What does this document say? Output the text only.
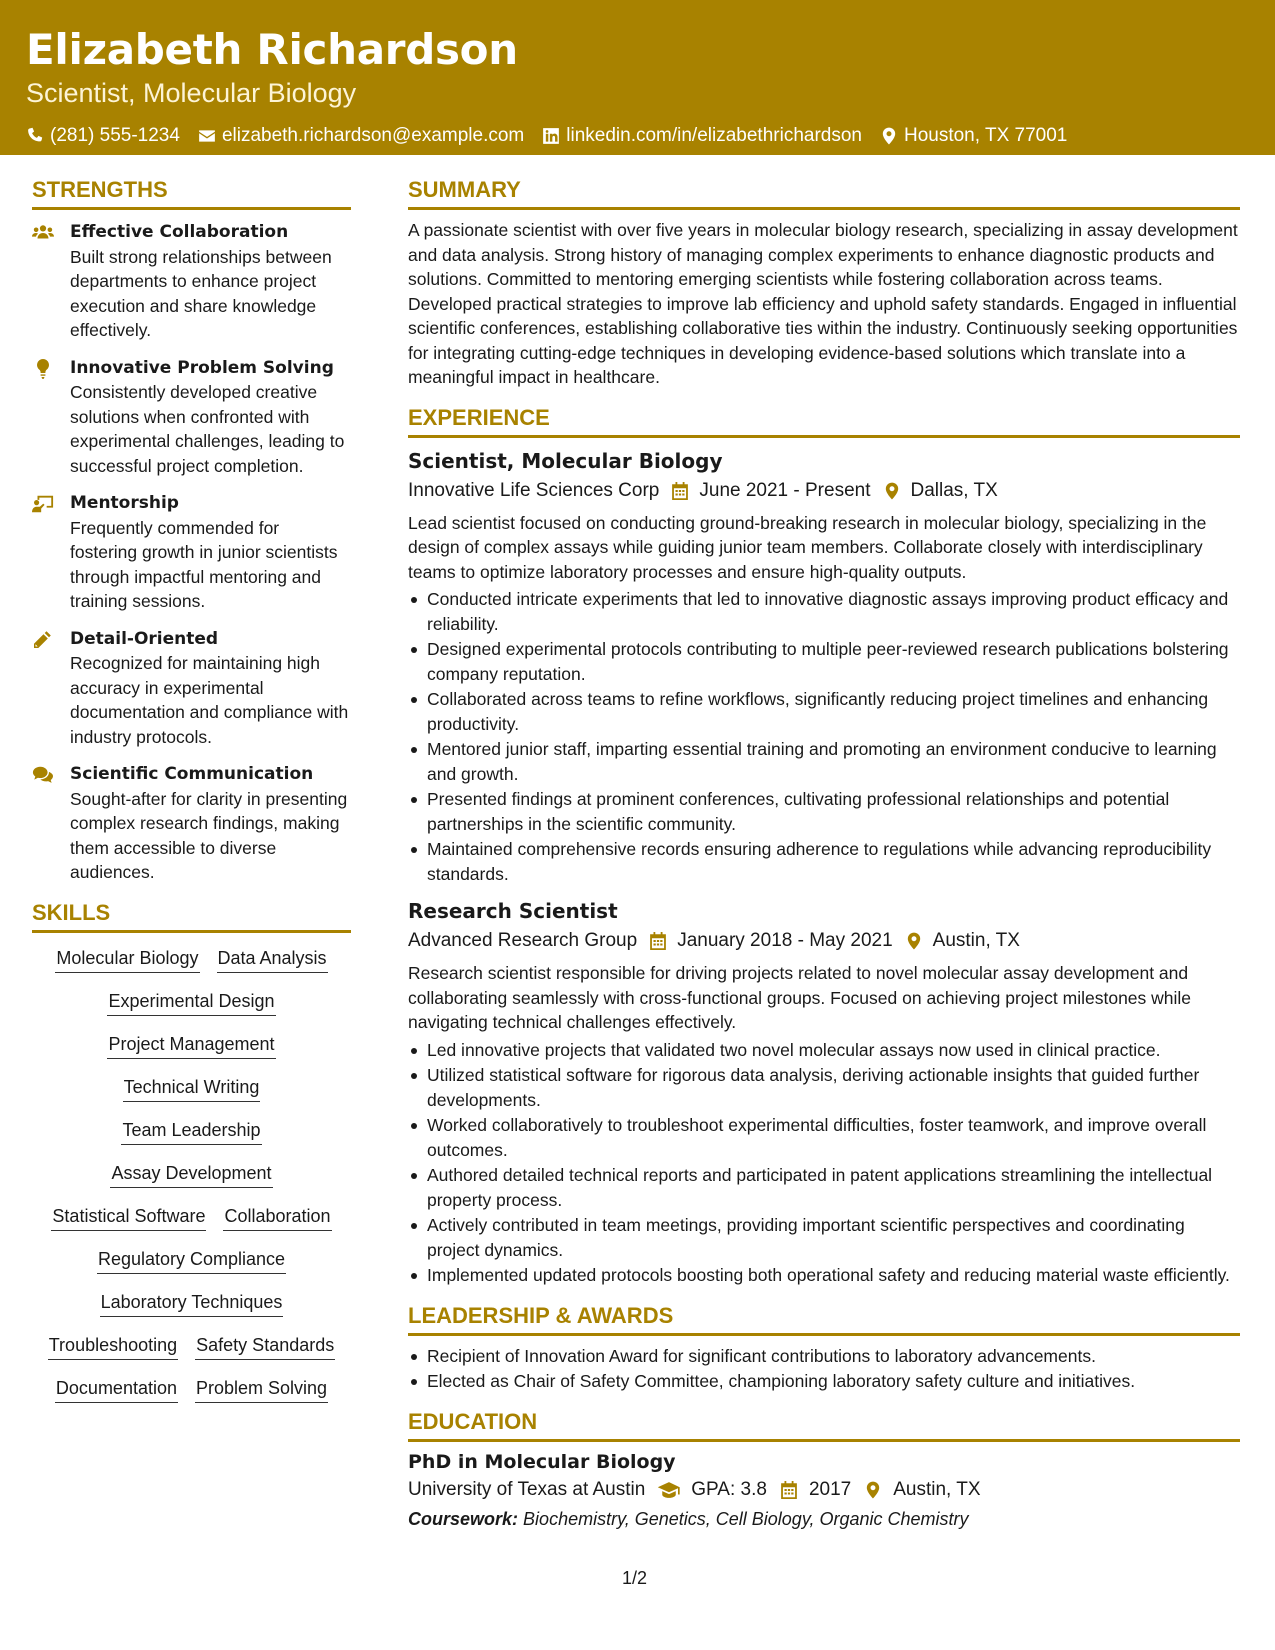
Elizabeth Richardson
Scientist, Molecular Biology
(281) 555-1234 elizabeth.richardson@example.com linkedin.com/in/elizabethrichardson Houston, TX 77001
STRENGTHS
Effective Collaboration
Built strong relationships between departments to enhance project execution and share knowledge effectively.
Innovative Problem Solving
Consistently developed creative solutions when confronted with experimental challenges, leading to successful project completion.
Mentorship
Frequently commended for fostering growth in junior scientists through impactful mentoring and training sessions.
Detail-Oriented
Recognized for maintaining high accuracy in experimental documentation and compliance with industry protocols.
Scientific Communication
Sought-after for clarity in presenting complex research findings, making them accessible to diverse audiences.
SKILLS
Molecular Biology Data Analysis
Experimental Design
Project Management
Technical Writing
Team Leadership
Assay Development
Statistical Software Collaboration
Regulatory Compliance
Laboratory Techniques
Troubleshooting Safety Standards
Documentation Problem Solving
SUMMARY

A passionate scientist with over five years in molecular biology research, specializing in assay development and data analysis. Strong history of managing complex experiments to enhance diagnostic products and solutions. Committed to mentoring emerging scientists while fostering collaboration across teams. Developed practical strategies to improve lab efficiency and uphold safety standards. Engaged in influential scientific conferences, establishing collaborative ties within the industry. Continuously seeking opportunities for integrating cutting-edge techniques in developing evidence-based solutions which translate into a meaningful impact in healthcare.

EXPERIENCE
Scientist, Molecular Biology
Innovative Life Sciences Corp June 2021 - Present Dallas, TX

Lead scientist focused on conducting ground-breaking research in molecular biology, specializing in the design of complex assays while guiding junior team members. Collaborate closely with interdisciplinary teams to optimize laboratory processes and ensure high-quality outputs.

Conducted intricate experiments that led to innovative diagnostic assays improving product efficacy and reliability.
Designed experimental protocols contributing to multiple peer-reviewed research publications bolstering company reputation.
Collaborated across teams to refine workflows, significantly reducing project timelines and enhancing productivity.
Mentored junior staff, imparting essential training and promoting an environment conducive to learning and growth.
Presented findings at prominent conferences, cultivating professional relationships and potential partnerships in the scientific community.
Maintained comprehensive records ensuring adherence to regulations while advancing reproducibility standards.
Research Scientist
Advanced Research Group January 2018 - May 2021 Austin, TX

Research scientist responsible for driving projects related to novel molecular assay development and collaborating seamlessly with cross-functional groups. Focused on achieving project milestones while navigating technical challenges effectively.

Led innovative projects that validated two novel molecular assays now used in clinical practice.
Utilized statistical software for rigorous data analysis, deriving actionable insights that guided further developments.
Worked collaboratively to troubleshoot experimental difficulties, foster teamwork, and improve overall outcomes.
Authored detailed technical reports and participated in patent applications streamlining the intellectual property process.
Actively contributed in team meetings, providing important scientific perspectives and coordinating project dynamics.
Implemented updated protocols boosting both operational safety and reducing material waste efficiently.
LEADERSHIP & AWARDS
Recipient of Innovation Award for significant contributions to laboratory advancements.
Elected as Chair of Safety Committee, championing laboratory safety culture and initiatives.
EDUCATION
PhD in Molecular Biology
University of Texas at Austin GPA: 3.8 2017 Austin, TX
Coursework: Biochemistry, Genetics, Cell Biology, Organic Chemistry
1/2
